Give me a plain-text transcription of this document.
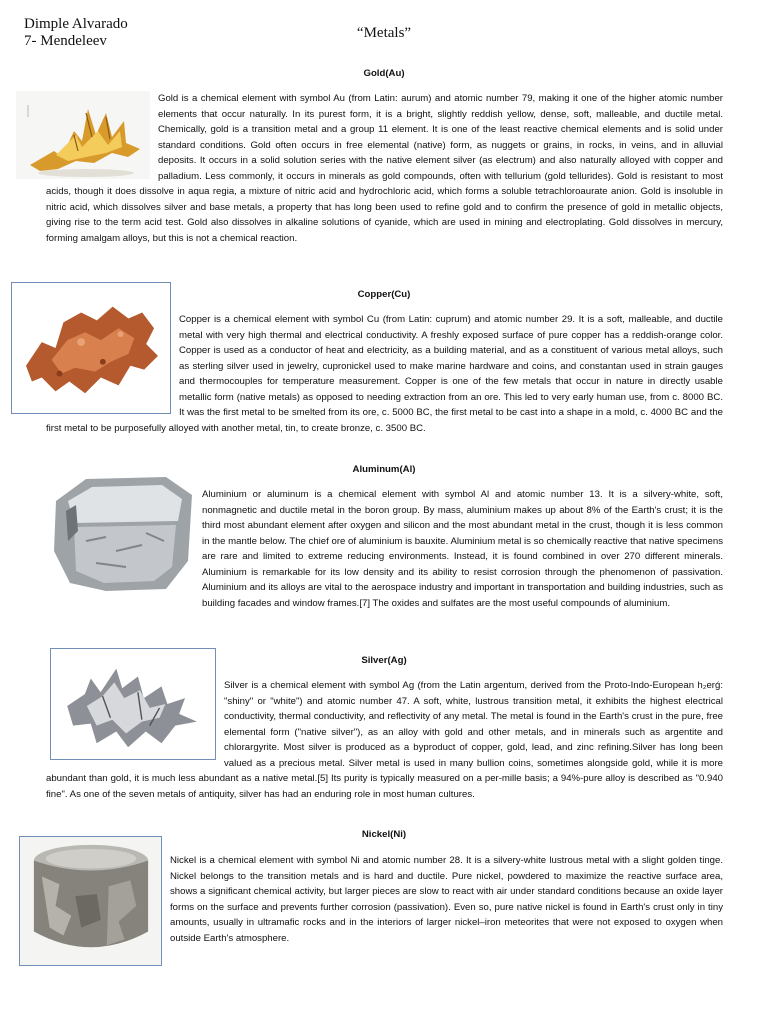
Dimple Alvarado
7- Mendeleev	“Metals”
Gold(Au)
Gold is a chemical element with symbol Au (from Latin: aurum) and atomic number 79, making it one of the higher atomic number elements that occur naturally. In its purest form, it is a bright, slightly reddish yellow, dense, soft, malleable, and ductile metal. Chemically, gold is a transition metal and a group 11 element. It is one of the least reactive chemical elements and is solid under standard conditions. Gold often occurs in free elemental (native) form, as nuggets or grains, in rocks, in veins, and in alluvial deposits. It occurs in a solid solution series with the native element silver (as electrum) and also naturally alloyed with copper and palladium. Less commonly, it occurs in minerals as gold compounds, often with tellurium (gold tellurides). Gold is resistant to most acids, though it does dissolve in aqua regia, a mixture of nitric acid and hydrochloric acid, which forms a soluble tetrachloroaurate anion. Gold is insoluble in nitric acid, which dissolves silver and base metals, a property that has long been used to refine gold and to confirm the presence of gold in metallic objects, giving rise to the term acid test. Gold also dissolves in alkaline solutions of cyanide, which are used in mining and electroplating. Gold dissolves in mercury, forming amalgam alloys, but this is not a chemical reaction.
Copper(Cu)
Copper is a chemical element with symbol Cu (from Latin: cuprum) and atomic number 29. It is a soft, malleable, and ductile metal with very high thermal and electrical conductivity. A freshly exposed surface of pure copper has a reddish-orange color. Copper is used as a conductor of heat and electricity, as a building material, and as a constituent of various metal alloys, such as sterling silver used in jewelry, cupronickel used to make marine hardware and coins, and constantan used in strain gauges and thermocouples for temperature measurement. Copper is one of the few metals that occur in nature in directly usable metallic form (native metals) as opposed to needing extraction from an ore. This led to very early human use, from c. 8000 BC. It was the first metal to be smelted from its ore, c. 5000 BC, the first metal to be cast into a shape in a mold, c. 4000 BC and the first metal to be purposefully alloyed with another metal, tin, to create bronze, c. 3500 BC.
Aluminum(Al)
Aluminium or aluminum is a chemical element with symbol Al and atomic number 13. It is a silvery-white, soft, nonmagnetic and ductile metal in the boron group. By mass, aluminium makes up about 8% of the Earth's crust; it is the third most abundant element after oxygen and silicon and the most abundant metal in the crust, though it is less common in the mantle below. The chief ore of aluminium is bauxite. Aluminium metal is so chemically reactive that native specimens are rare and limited to extreme reducing environments. Instead, it is found combined in over 270 different minerals. Aluminium is remarkable for its low density and its ability to resist corrosion through the phenomenon of passivation. Aluminium and its alloys are vital to the aerospace industry and important in transportation and building industries, such as building facades and window frames.[7] The oxides and sulfates are the most useful compounds of aluminium.
Silver(Ag)
Silver is a chemical element with symbol Ag (from the Latin argentum, derived from the Proto-Indo-European h₂erǵ: "shiny" or "white") and atomic number 47. A soft, white, lustrous transition metal, it exhibits the highest electrical conductivity, thermal conductivity, and reflectivity of any metal. The metal is found in the Earth's crust in the pure, free elemental form ("native silver"), as an alloy with gold and other metals, and in minerals such as argentite and chlorargyrite. Most silver is produced as a byproduct of copper, gold, lead, and zinc refining.Silver has long been valued as a precious metal. Silver metal is used in many bullion coins, sometimes alongside gold, while it is more abundant than gold, it is much less abundant as a native metal.[5] Its purity is typically measured on a per-mille basis; a 94%-pure alloy is described as "0.940 fine". As one of the seven metals of antiquity, silver has had an enduring role in most human cultures.
Nickel(Ni)
Nickel is a chemical element with symbol Ni and atomic number 28. It is a silvery-white lustrous metal with a slight golden tinge. Nickel belongs to the transition metals and is hard and ductile. Pure nickel, powdered to maximize the reactive surface area, shows a significant chemical activity, but larger pieces are slow to react with air under standard conditions because an oxide layer forms on the surface and prevents further corrosion (passivation). Even so, pure native nickel is found in Earth's crust only in tiny amounts, usually in ultramafic rocks and in the interiors of larger nickel–iron meteorites that were not exposed to oxygen when outside Earth's atmosphere.
